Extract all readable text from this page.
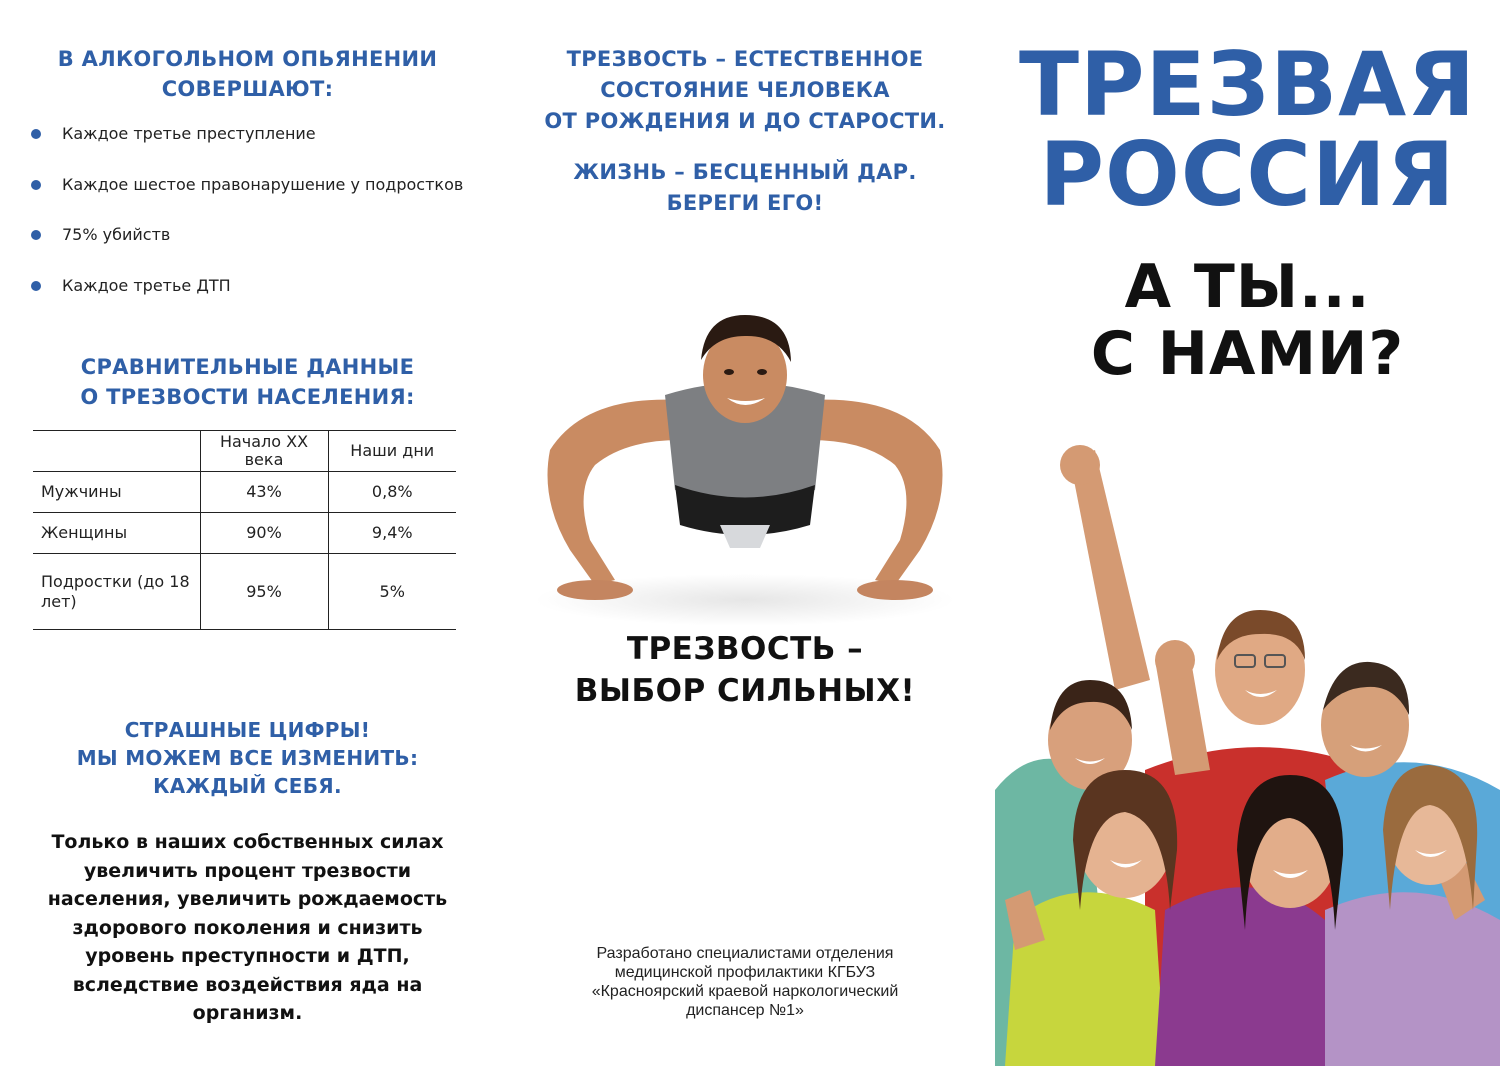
В АЛКОГОЛЬНОМ ОПЬЯНЕНИИ
СОВЕРШАЮТ:
Каждое третье преступление
Каждое шестое правонарушение у подростков
75% убийств
Каждое третье ДТП
СРАВНИТЕЛЬНЫЕ ДАННЫЕ
О ТРЕЗВОСТИ НАСЕЛЕНИЯ:
	Начало XX века	Наши дни
Мужчины	43%	0,8%
Женщины	90%	9,4%
Подростки (до 18 лет)	95%	5%
СТРАШНЫЕ ЦИФРЫ!
МЫ МОЖЕМ ВСЕ ИЗМЕНИТЬ:
КАЖДЫЙ СЕБЯ.
Только в наших собственных силах
увеличить процент трезвости
населения, увеличить рождаемость
здорового поколения и снизить
уровень преступности и ДТП,
вследствие воздействия яда на
организм.
ТРЕЗВОСТЬ – ЕСТЕСТВЕННОЕ
СОСТОЯНИЕ ЧЕЛОВЕКА
ОТ РОЖДЕНИЯ И ДО СТАРОСТИ.
ЖИЗНЬ – БЕСЦЕННЫЙ ДАР.
БЕРЕГИ ЕГО!
ТРЕЗВОСТЬ –
ВЫБОР СИЛЬНЫХ!
Разработано специалистами отделения
медицинской профилактики КГБУЗ
«Красноярский краевой наркологический
диспансер №1»
ТРЕЗВАЯ
РОССИЯ
А ТЫ...
С НАМИ?
